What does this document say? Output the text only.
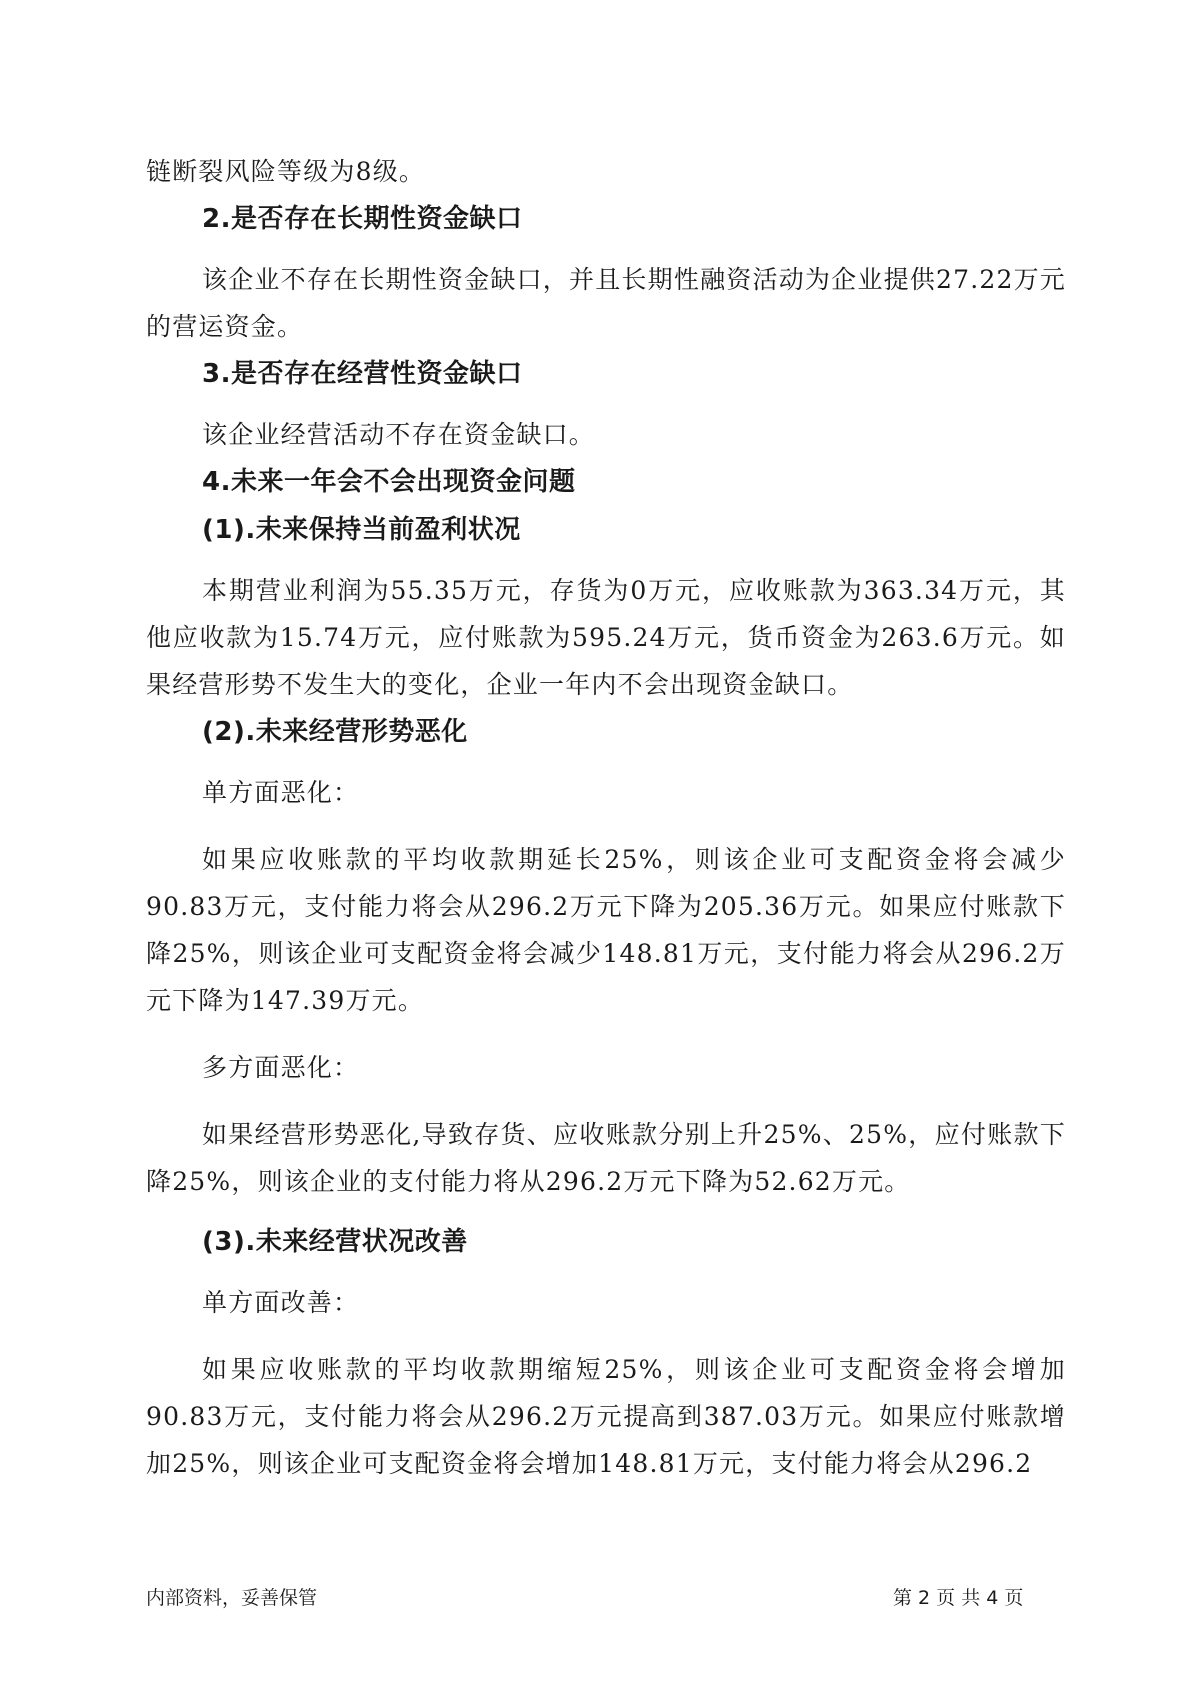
链断裂风险等级为8级。

2.是否存在长期性资金缺口

该企业不存在长期性资金缺口，并且长期性融资活动为企业提供27.22万元的营运资金。

3.是否存在经营性资金缺口

该企业经营活动不存在资金缺口。

4.未来一年会不会出现资金问题
(1).未来保持当前盈利状况

本期营业利润为55.35万元，存货为0万元，应收账款为363.34万元，其他应收款为15.74万元，应付账款为595.24万元，货币资金为263.6万元。如果经营形势不发生大的变化，企业一年内不会出现资金缺口。

(2).未来经营形势恶化

单方面恶化：

如果应收账款的平均收款期延长25%，则该企业可支配资金将会减少90.83万元，支付能力将会从296.2万元下降为205.36万元。如果应付账款下降25%，则该企业可支配资金将会减少148.81万元，支付能力将会从296.2万元下降为147.39万元。

多方面恶化：

如果经营形势恶化,导致存货、应收账款分别上升25%、25%，应付账款下降25%，则该企业的支付能力将从296.2万元下降为52.62万元。

(3).未来经营状况改善

单方面改善：

如果应收账款的平均收款期缩短25%，则该企业可支配资金将会增加90.83万元，支付能力将会从296.2万元提高到387.03万元。如果应付账款增加25%，则该企业可支配资金将会增加148.81万元，支付能力将会从296.2

内部资料，妥善保管	第 2 页 共 4 页
